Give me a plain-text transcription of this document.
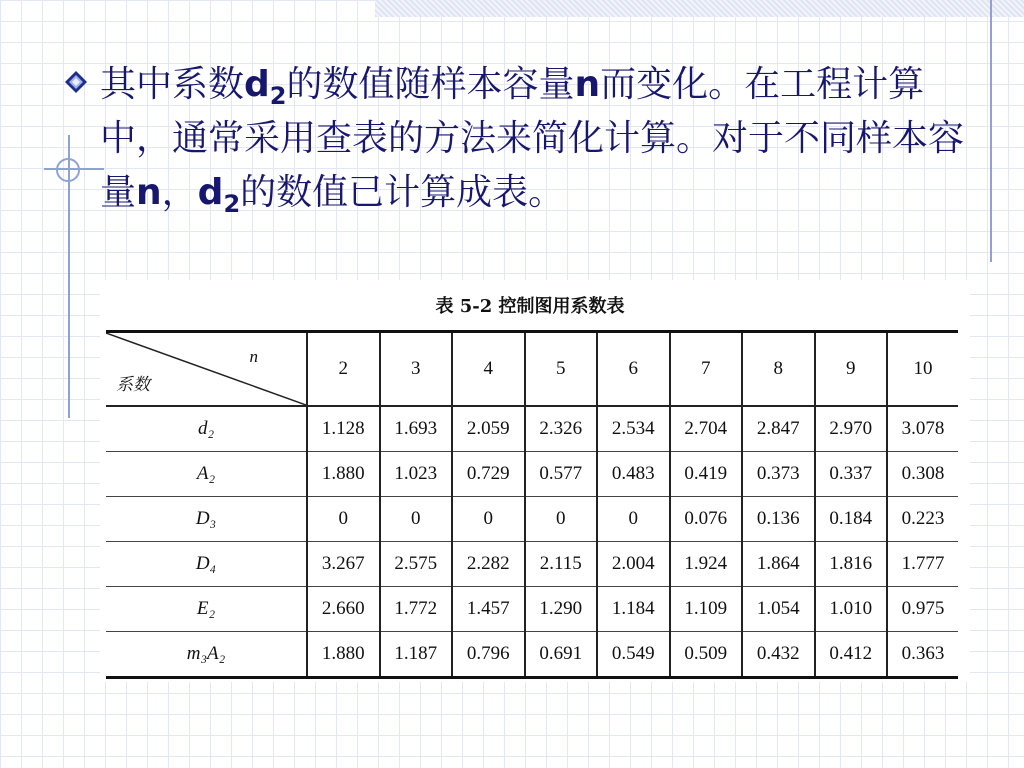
其中系数$d_2$的数值随样本容量n而变化。在工程计算中，通常采用查表的方法来简化计算。对于不同样本容量n，$d_2$的数值已计算成表。
表 5-2 控制图用系数表
n
系数	2	3	4	5	6	7	8	9	10
d₂	1.128	1.693	2.059	2.326	2.534	2.704	2.847	2.970	3.078
A₂	1.880	1.023	0.729	0.577	0.483	0.419	0.373	0.337	0.308
D₃	0	0	0	0	0	0.076	0.136	0.184	0.223
D₄	3.267	2.575	2.282	2.115	2.004	1.924	1.864	1.816	1.777
E₂	2.660	1.772	1.457	1.290	1.184	1.109	1.054	1.010	0.975
m₃A₂	1.880	1.187	0.796	0.691	0.549	0.509	0.432	0.412	0.363
